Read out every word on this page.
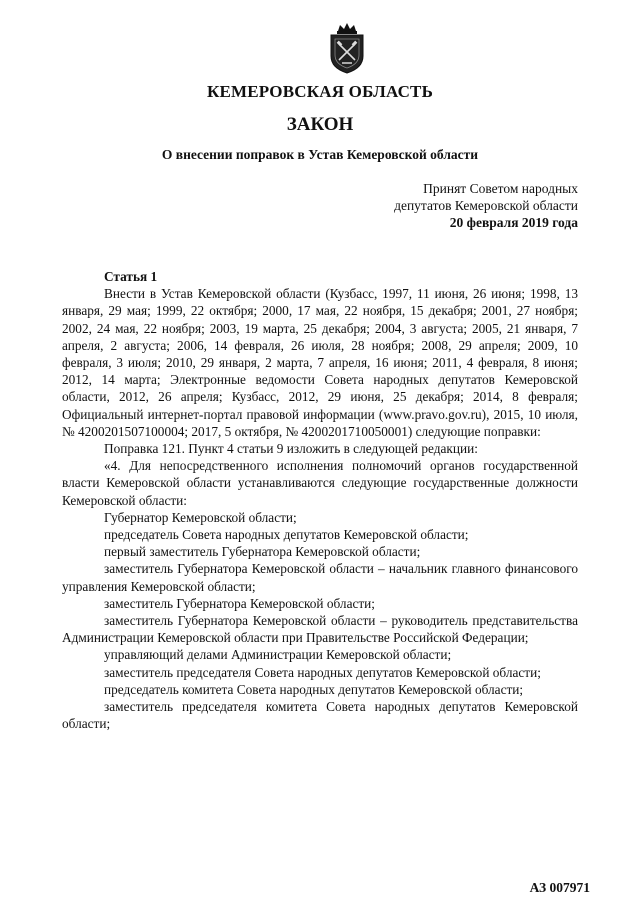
КЕМЕРОВСКАЯ ОБЛАСТЬ
ЗАКОН
О внесении поправок в Устав Кемеровской области
Принят Советом народных
депутатов Кемеровской области
20 февраля 2019 года
Статья 1

Внести в Устав Кемеровской области (Кузбасс, 1997, 11 июня, 26 июня; 1998, 13 января, 29 мая; 1999, 22 октября; 2000, 17 мая, 22 ноября, 15 декабря; 2001, 27 ноября; 2002, 24 мая, 22 ноября; 2003, 19 марта, 25 декабря; 2004, 3 августа; 2005, 21 января, 7 апреля, 2 августа; 2006, 14 февраля, 26 июля, 28 ноября; 2008, 29 апреля; 2009, 10 февраля, 3 июля; 2010, 29 января, 2 марта, 7 апреля, 16 июня; 2011, 4 февраля, 8 июня; 2012, 14 марта; Электронные ведомости Совета народных депутатов Кемеровской области, 2012, 26 апреля; Кузбасс, 2012, 29 июня, 25 декабря; 2014, 8 февраля; Официальный интернет-портал правовой информации (www.pravo.gov.ru), 2015, 10 июля, № 4200201507100004; 2017, 5 октября, № 4200201710050001) следующие поправки:

Поправка 121. Пункт 4 статьи 9 изложить в следующей редакции:

«4. Для непосредственного исполнения полномочий органов государственной власти Кемеровской области устанавливаются следующие государственные должности Кемеровской области:

Губернатор Кемеровской области;

председатель Совета народных депутатов Кемеровской области;

первый заместитель Губернатора Кемеровской области;

заместитель Губернатора Кемеровской области – начальник главного финансового управления Кемеровской области;

заместитель Губернатора Кемеровской области;

заместитель Губернатора Кемеровской области – руководитель представительства Администрации Кемеровской области при Правительстве Российской Федерации;

управляющий делами Администрации Кемеровской области;

заместитель председателя Совета народных депутатов Кемеровской области;

председатель комитета Совета народных депутатов Кемеровской области;

заместитель председателя комитета Совета народных депутатов Кемеровской области;

АЗ 007971
